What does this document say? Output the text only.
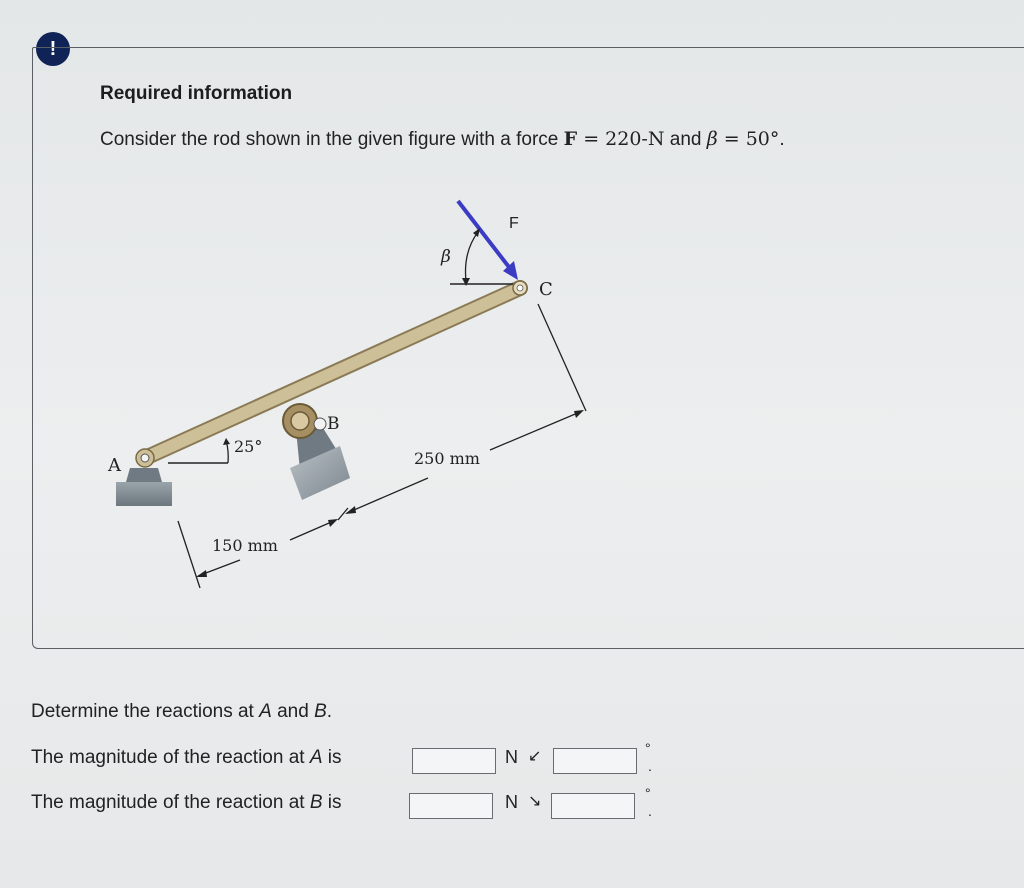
!
Required information
Consider the rod shown in the given figure with a force F = 220-N and β = 50°.
25°
A
B
C
β
F
250 mm
150 mm
Determine the reactions at A and B.
The magnitude of the reaction at A is	N ↙	°
.
The magnitude of the reaction at B is	N ↘	°
.
